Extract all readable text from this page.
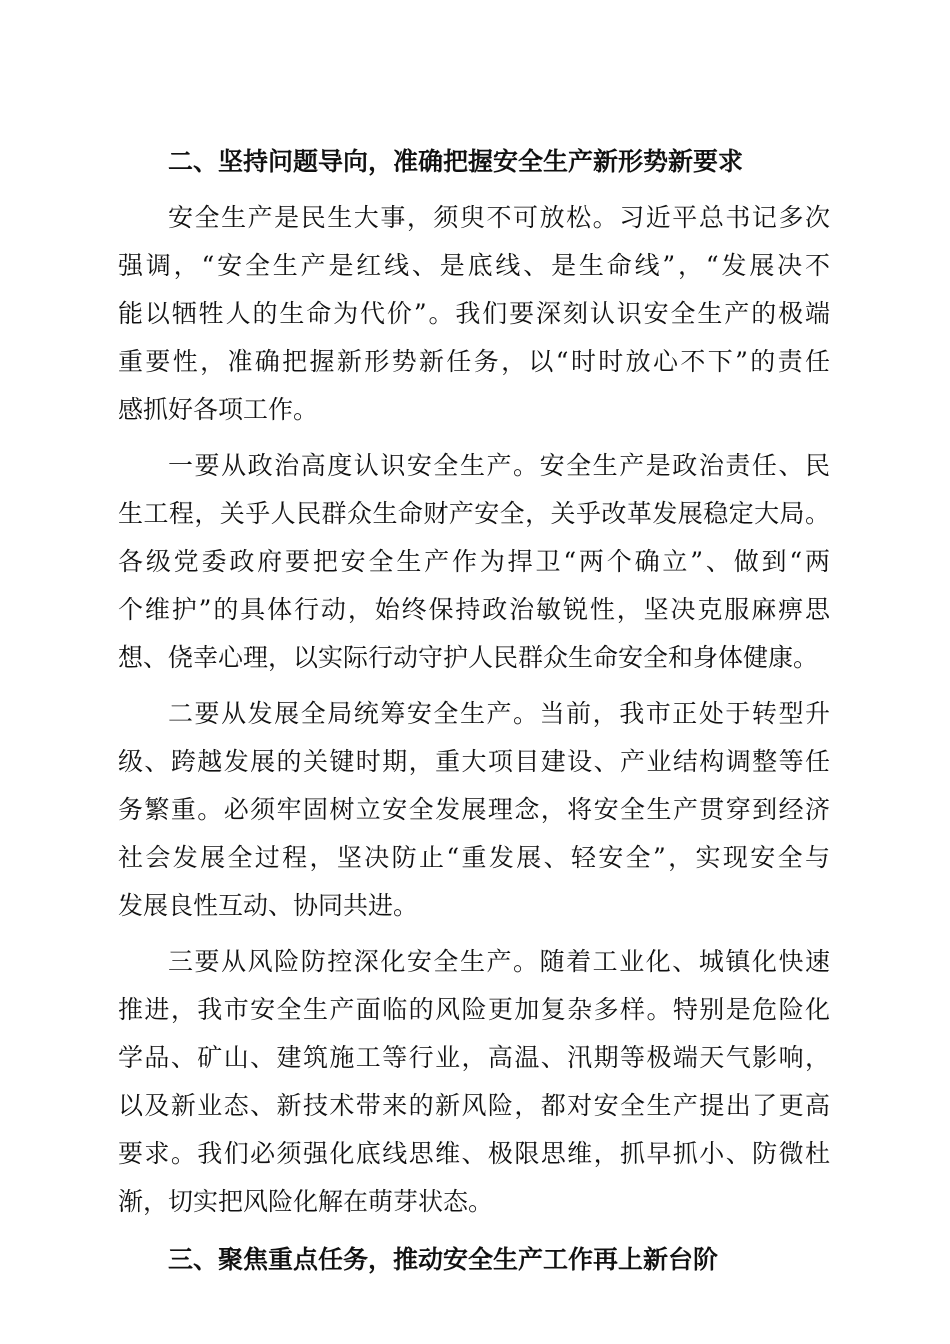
二、坚持问题导向，准确把握安全生产新形势新要求

安全生产是民生大事，须臾不可放松。习近平总书记多次
强调，“安全生产是红线、是底线、是生命线”，“发展决不
能以牺牲人的生命为代价”。我们要深刻认识安全生产的极端
重要性，准确把握新形势新任务，以“时时放心不下”的责任
感抓好各项工作。
一要从政治高度认识安全生产。安全生产是政治责任、民
生工程，关乎人民群众生命财产安全，关乎改革发展稳定大局。
各级党委政府要把安全生产作为捍卫“两个确立”、做到“两
个维护”的具体行动，始终保持政治敏锐性，坚决克服麻痹思
想、侥幸心理，以实际行动守护人民群众生命安全和身体健康。
二要从发展全局统筹安全生产。当前，我市正处于转型升
级、跨越发展的关键时期，重大项目建设、产业结构调整等任
务繁重。必须牢固树立安全发展理念，将安全生产贯穿到经济
社会发展全过程，坚决防止“重发展、轻安全”，实现安全与
发展良性互动、协同共进。
三要从风险防控深化安全生产。随着工业化、城镇化快速
推进，我市安全生产面临的风险更加复杂多样。特别是危险化
学品、矿山、建筑施工等行业，高温、汛期等极端天气影响，
以及新业态、新技术带来的新风险，都对安全生产提出了更高
要求。我们必须强化底线思维、极限思维，抓早抓小、防微杜
渐，切实把风险化解在萌芽状态。

三、聚焦重点任务，推动安全生产工作再上新台阶
